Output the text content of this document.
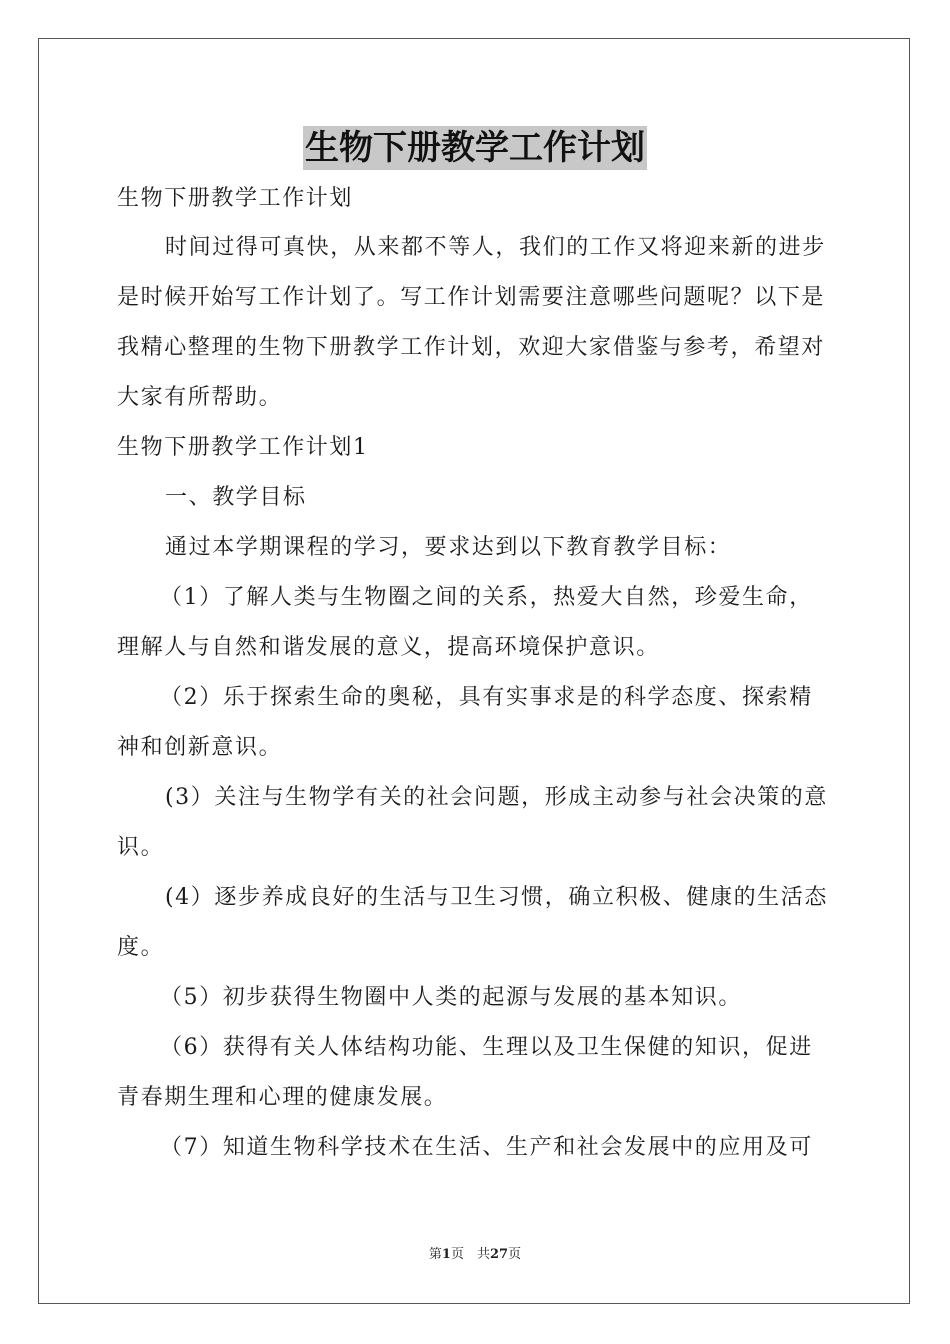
生物下册教学工作计划

生物下册教学工作计划

时间过得可真快，从来都不等人，我们的工作又将迎来新的进步

是时候开始写工作计划了。写工作计划需要注意哪些问题呢？以下是

我精心整理的生物下册教学工作计划，欢迎大家借鉴与参考，希望对

大家有所帮助。

生物下册教学工作计划1

一、教学目标

通过本学期课程的学习，要求达到以下教育教学目标：

（1）了解人类与生物圈之间的关系，热爱大自然，珍爱生命，

理解人与自然和谐发展的意义，提高环境保护意识。

（2）乐于探索生命的奥秘，具有实事求是的科学态度、探索精

神和创新意识。

(3）关注与生物学有关的社会问题，形成主动参与社会决策的意

识。

(4）逐步养成良好的生活与卫生习惯，确立积极、健康的生活态

度。

（5）初步获得生物圈中人类的起源与发展的基本知识。

（6）获得有关人体结构功能、生理以及卫生保健的知识，促进

青春期生理和心理的健康发展。

（7）知道生物科学技术在生活、生产和社会发展中的应用及可

第1页　共27页
